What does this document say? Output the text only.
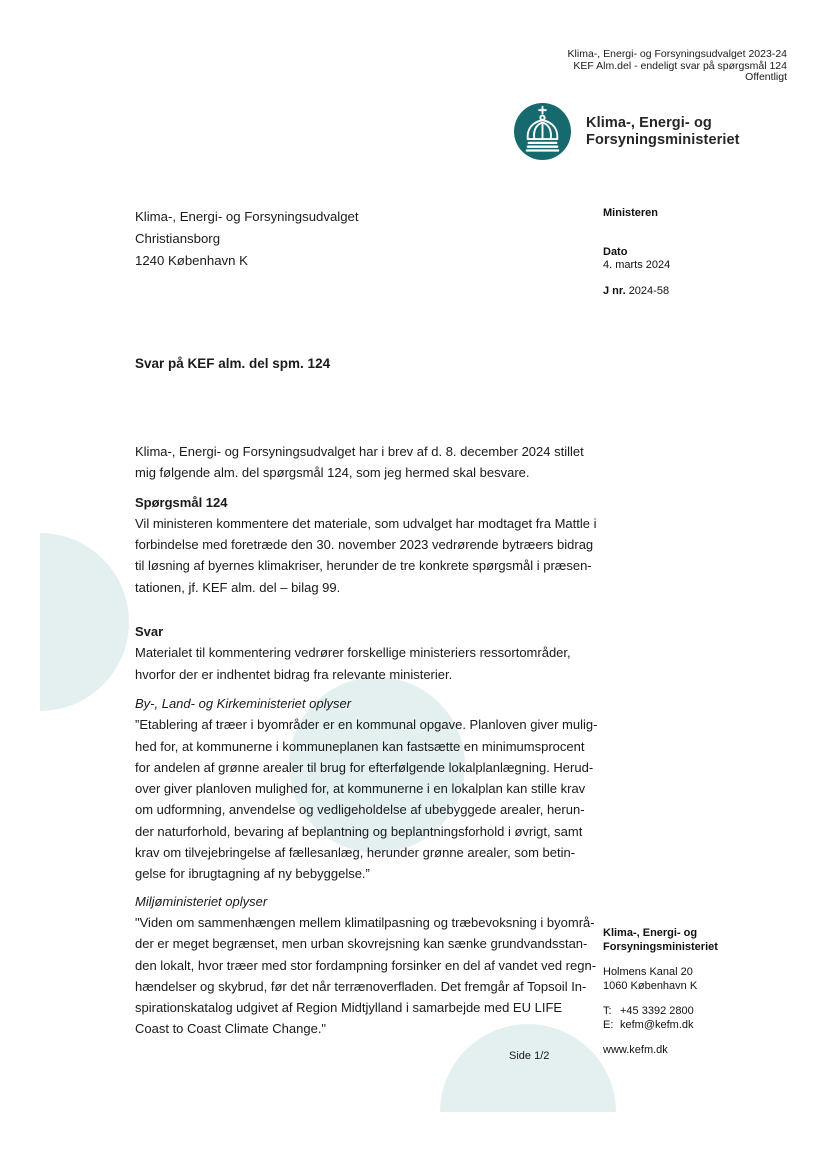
Klima-, Energi- og Forsyningsudvalget 2023-24
KEF Alm.del - endeligt svar på spørgsmål 124
Offentligt
Klima-, Energi- og
Forsyningsministeriet
Klima-, Energi- og Forsyningsudvalget
Christiansborg
1240 København K
Ministeren
Dato
4. marts 2024
J nr. 2024-58
Svar på KEF alm. del spm. 124
Klima-, Energi- og Forsyningsudvalget har i brev af d. 8. december 2024 stillet
mig følgende alm. del spørgsmål 124, som jeg hermed skal besvare.
Spørgsmål 124
Vil ministeren kommentere det materiale, som udvalget har modtaget fra Mattle i
forbindelse med foretræde den 30. november 2023 vedrørende bytræers bidrag
til løsning af byernes klimakriser, herunder de tre konkrete spørgsmål i præsen-
tationen, jf. KEF alm. del – bilag 99.
Svar
Materialet til kommentering vedrører forskellige ministeriers ressortområder,
hvorfor der er indhentet bidrag fra relevante ministerier.
By-, Land- og Kirkeministeriet oplyser
”Etablering af træer i byområder er en kommunal opgave. Planloven giver mulig-
hed for, at kommunerne i kommuneplanen kan fastsætte en minimumsprocent
for andelen af grønne arealer til brug for efterfølgende lokalplanlægning. Herud-
over giver planloven mulighed for, at kommunerne i en lokalplan kan stille krav
om udformning, anvendelse og vedligeholdelse af ubebyggede arealer, herun-
der naturforhold, bevaring af beplantning og beplantningsforhold i øvrigt, samt
krav om tilvejebringelse af fællesanlæg, herunder grønne arealer, som betin-
gelse for ibrugtagning af ny bebyggelse.”
Miljøministeriet oplyser
"Viden om sammenhængen mellem klimatilpasning og træbevoksning i byområ-
der er meget begrænset, men urban skovrejsning kan sænke grundvandsstan-
den lokalt, hvor træer med stor fordampning forsinker en del af vandet ved regn-
hændelser og skybrud, før det når terrænoverfladen. Det fremgår af Topsoil In-
spirationskatalog udgivet af Region Midtjylland i samarbejde med EU LIFE
Coast to Coast Climate Change."
Klima-, Energi- og
Forsyningsministeriet
Holmens Kanal 20
1060 København K
T: +45 3392 2800
E: kefm@kefm.dk
www.kefm.dk
Side 1/2
